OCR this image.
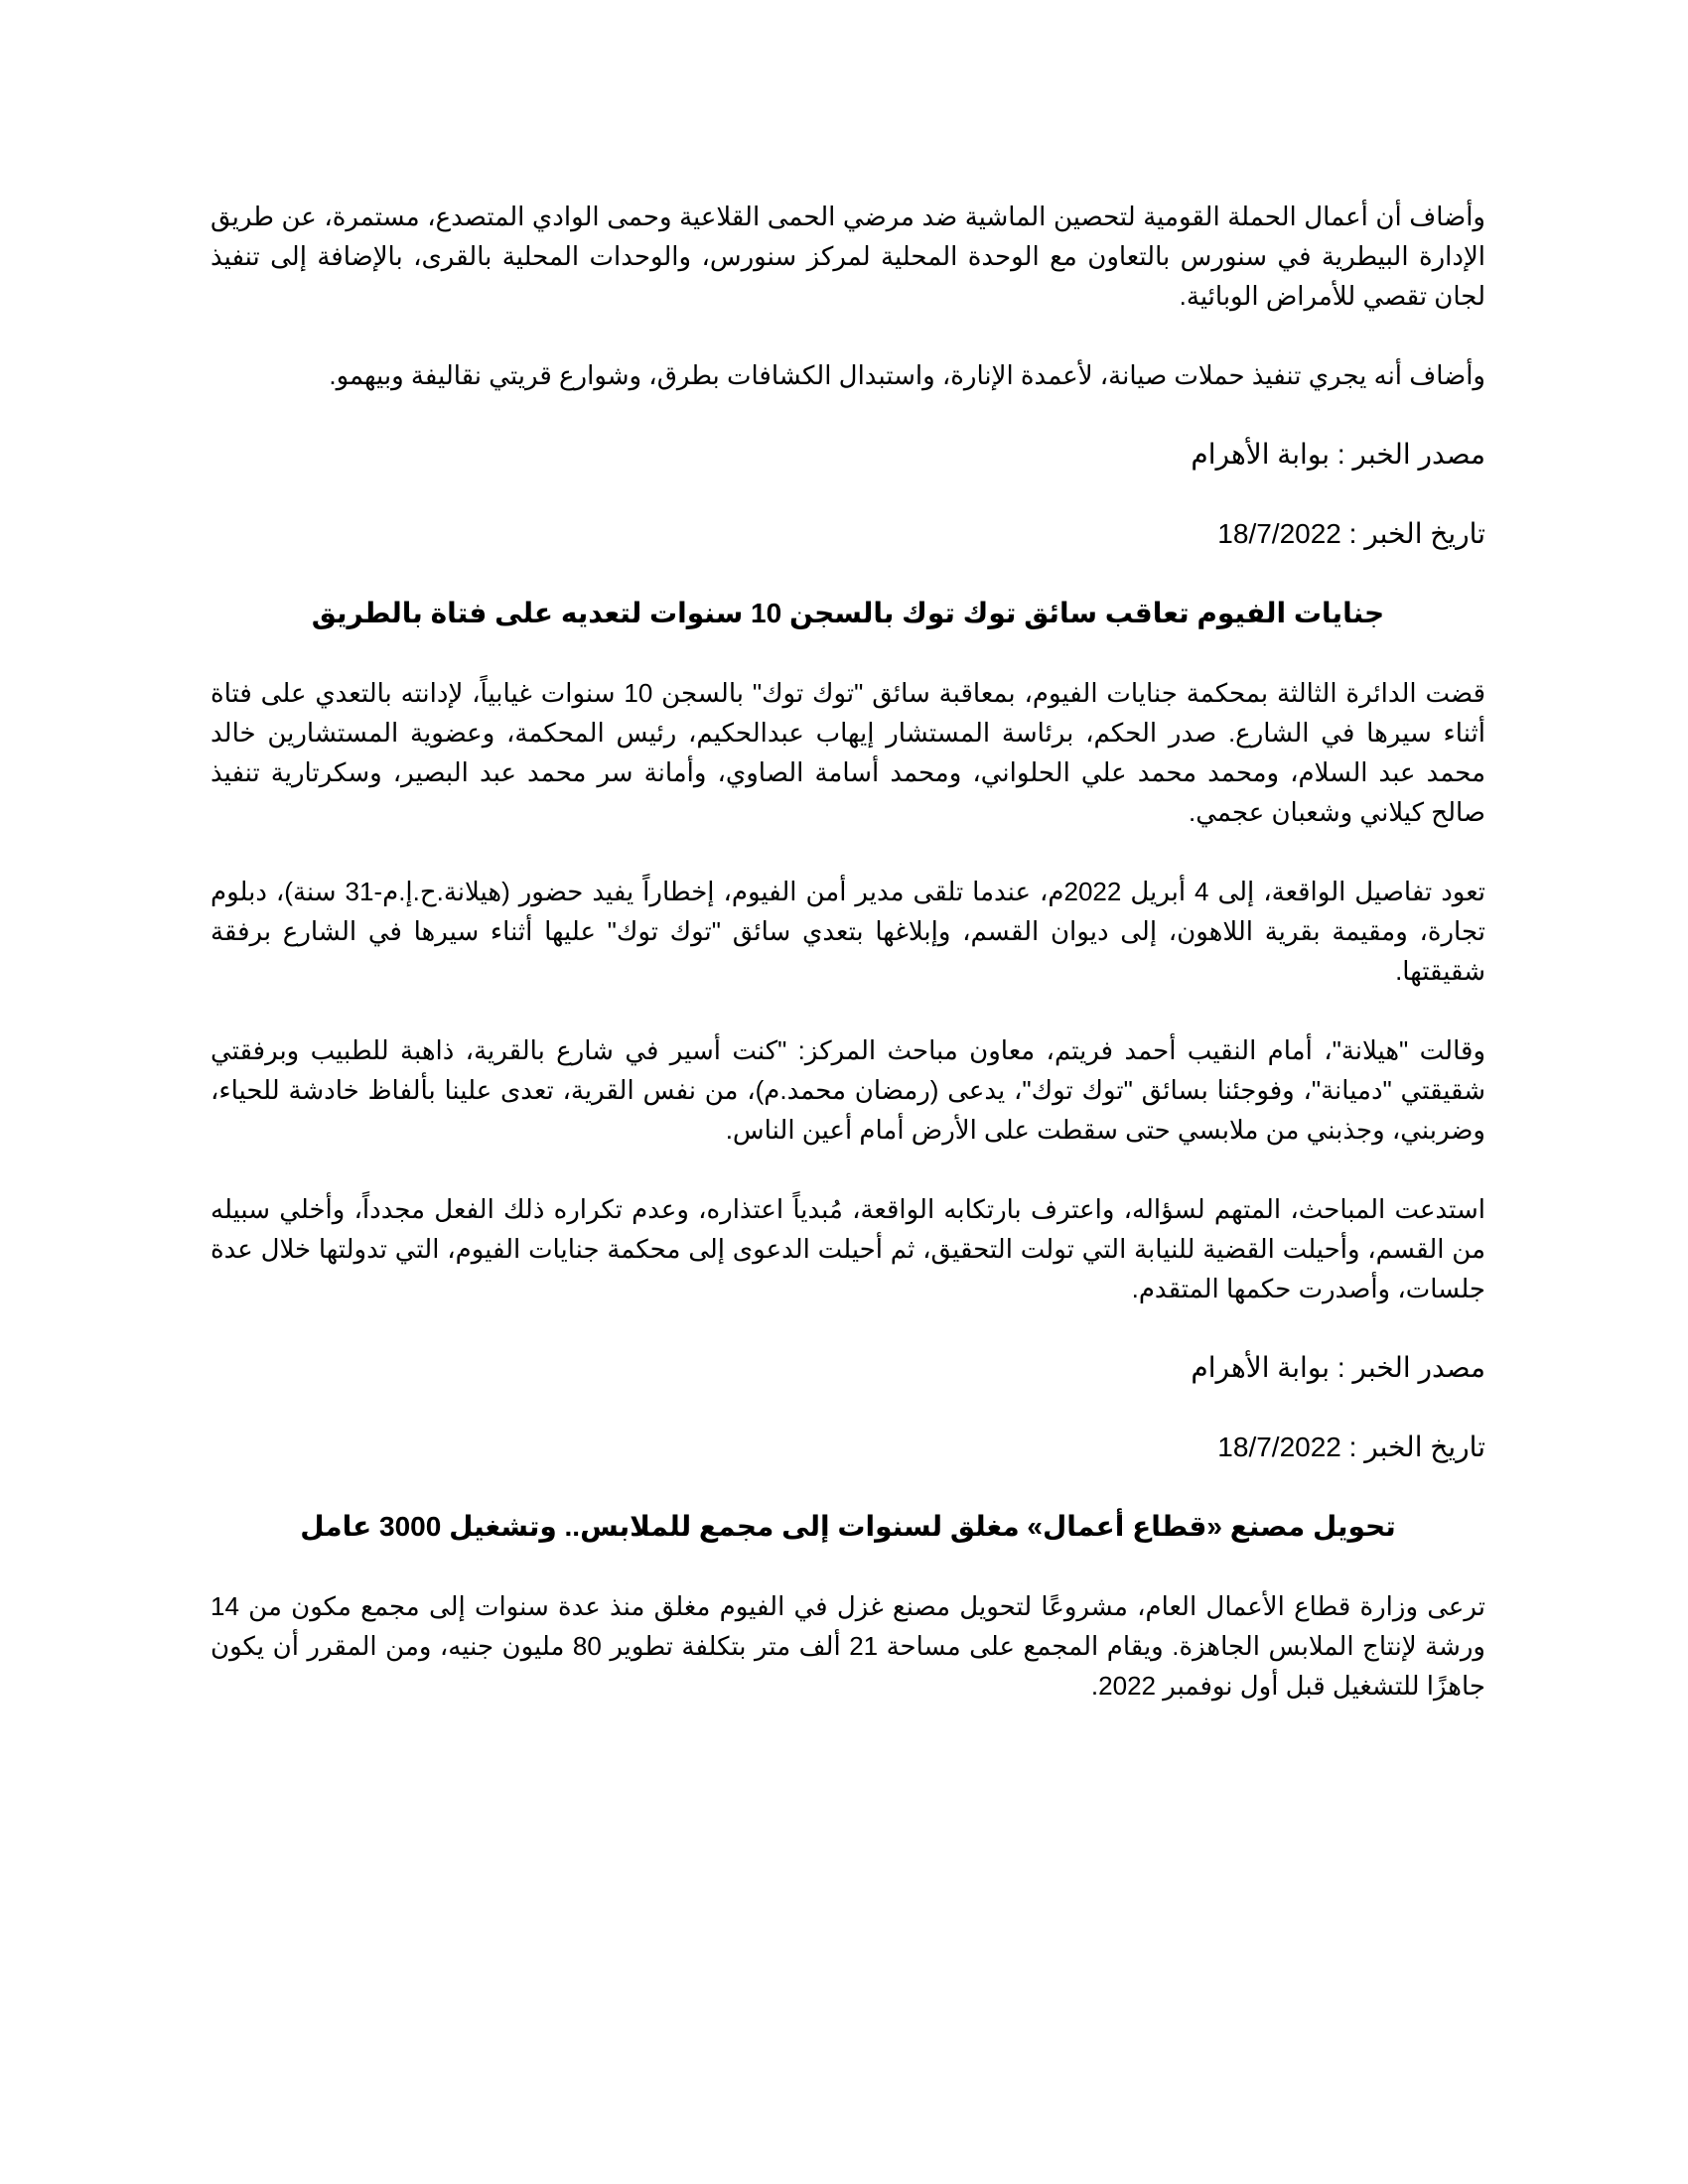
وأضاف أن أعمال الحملة القومية لتحصين الماشية ضد مرضي الحمى القلاعية وحمى الوادي المتصدع، مستمرة، عن طريق الإدارة البيطرية في سنورس بالتعاون مع الوحدة المحلية لمركز سنورس، والوحدات المحلية بالقرى، بالإضافة إلى تنفيذ لجان تقصي للأمراض الوبائية.

وأضاف أنه يجري تنفيذ حملات صيانة، لأعمدة الإنارة، واستبدال الكشافات بطرق، وشوارع قريتي نقاليفة وبيهمو.

مصدر الخبر : بوابة الأهرام

تاريخ الخبر : 18/7/2022

جنايات الفيوم تعاقب سائق توك توك بالسجن 10 سنوات لتعديه على فتاة بالطريق

قضت الدائرة الثالثة بمحكمة جنايات الفيوم، بمعاقبة سائق "توك توك" بالسجن 10 سنوات غيابياً، لإدانته بالتعدي على فتاة أثناء سيرها في الشارع. صدر الحكم، برئاسة المستشار إيهاب عبدالحكيم، رئيس المحكمة، وعضوية المستشارين خالد محمد عبد السلام، ومحمد محمد علي الحلواني، ومحمد أسامة الصاوي، وأمانة سر محمد عبد البصير، وسكرتارية تنفيذ صالح كيلاني وشعبان عجمي.

تعود تفاصيل الواقعة، إلى 4 أبريل 2022م، عندما تلقى مدير أمن الفيوم، إخطاراً يفيد حضور (هيلانة.ح.إ.م-31 سنة)، دبلوم تجارة، ومقيمة بقرية اللاهون، إلى ديوان القسم، وإبلاغها بتعدي سائق "توك توك" عليها أثناء سيرها في الشارع برفقة شقيقتها.

وقالت "هيلانة"، أمام النقيب أحمد فريتم، معاون مباحث المركز: "كنت أسير في شارع بالقرية، ذاهبة للطبيب وبرفقتي شقيقتي "دميانة"، وفوجئنا بسائق "توك توك"، يدعى (رمضان محمد.م)، من نفس القرية، تعدى علينا بألفاظ خادشة للحياء، وضربني، وجذبني من ملابسي حتى سقطت على الأرض أمام أعين الناس.

استدعت المباحث، المتهم لسؤاله، واعترف بارتكابه الواقعة، مُبدياً اعتذاره، وعدم تكراره ذلك الفعل مجدداً، وأخلي سبيله من القسم، وأحيلت القضية للنيابة التي تولت التحقيق، ثم أحيلت الدعوى إلى محكمة جنايات الفيوم، التي تدولتها خلال عدة جلسات، وأصدرت حكمها المتقدم.

مصدر الخبر : بوابة الأهرام

تاريخ الخبر : 18/7/2022

تحويل مصنع «قطاع أعمال» مغلق لسنوات إلى مجمع للملابس.. وتشغيل 3000 عامل

ترعى وزارة قطاع الأعمال العام، مشروعًا لتحويل مصنع غزل في الفيوم مغلق منذ عدة سنوات إلى مجمع مكون من 14 ورشة لإنتاج الملابس الجاهزة. ويقام المجمع على مساحة 21 ألف متر بتكلفة تطوير 80 مليون جنيه، ومن المقرر أن يكون جاهزًا للتشغيل قبل أول نوفمبر 2022.
